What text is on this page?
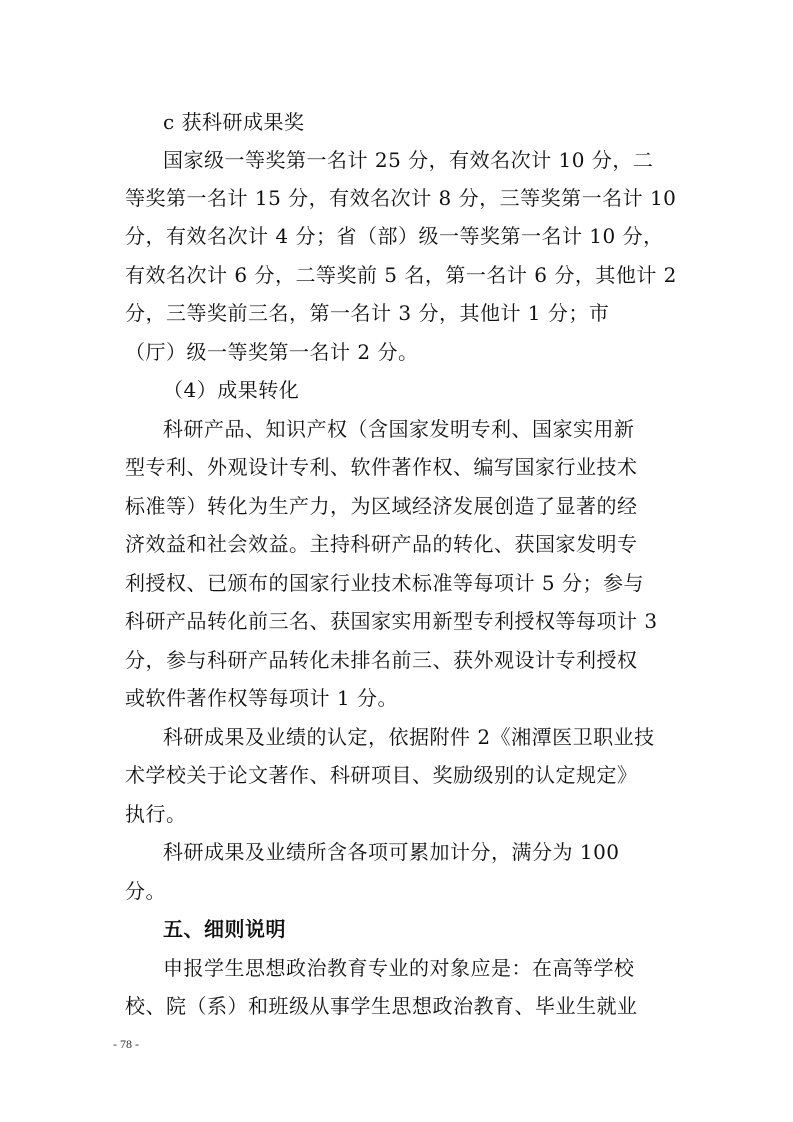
c 获科研成果奖
国家级一等奖第一名计 25 分，有效名次计 10 分，二
等奖第一名计 15 分，有效名次计 8 分，三等奖第一名计 10
分，有效名次计 4 分；省（部）级一等奖第一名计 10 分，
有效名次计 6 分，二等奖前 5 名，第一名计 6 分，其他计 2
分，三等奖前三名，第一名计 3 分，其他计 1 分；市
（厅）级一等奖第一名计 2 分。
（4）成果转化
科研产品、知识产权（含国家发明专利、国家实用新
型专利、外观设计专利、软件著作权、编写国家行业技术
标准等）转化为生产力，为区域经济发展创造了显著的经
济效益和社会效益。主持科研产品的转化、获国家发明专
利授权、已颁布的国家行业技术标准等每项计 5 分；参与
科研产品转化前三名、获国家实用新型专利授权等每项计 3
分，参与科研产品转化未排名前三、获外观设计专利授权
或软件著作权等每项计 1 分。
科研成果及业绩的认定，依据附件 2《湘潭医卫职业技
术学校关于论文著作、科研项目、奖励级别的认定规定》
执行。
科研成果及业绩所含各项可累加计分，满分为 100
分。
五、细则说明
申报学生思想政治教育专业的对象应是：在高等学校
校、院（系）和班级从事学生思想政治教育、毕业生就业
- 78 -
